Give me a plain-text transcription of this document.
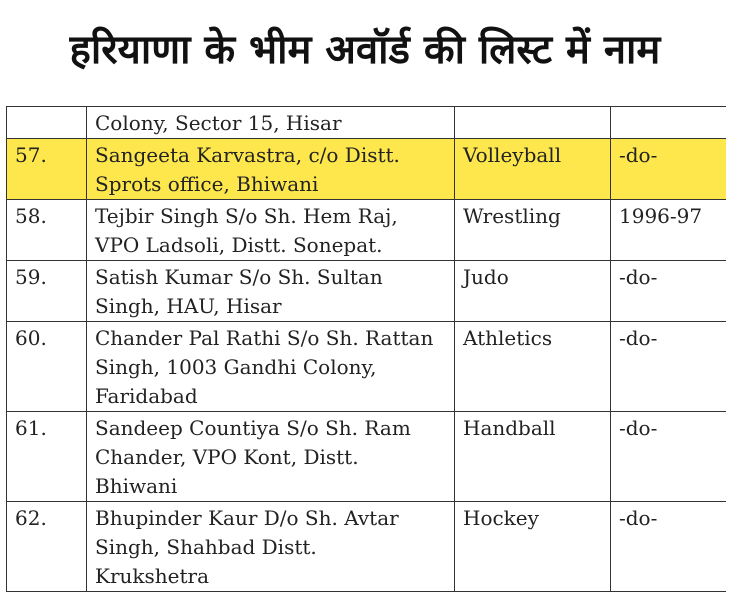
हरियाणा के भीम अवॉर्ड की लिस्ट में नाम

	Colony, Sector 15, Hisar		

57.	Sangeeta Karvastra, c/o Distt.
Sprots office, Bhiwani	Volleyball	-do-
58.	Tejbir Singh S/o Sh. Hem Raj,
VPO Ladsoli, Distt. Sonepat.	Wrestling	1996-97
59.	Satish Kumar S/o Sh. Sultan
Singh, HAU, Hisar	Judo	-do-
60.	Chander Pal Rathi S/o Sh. Rattan
Singh, 1003 Gandhi Colony,
Faridabad	Athletics	-do-
61.	Sandeep Countiya S/o Sh. Ram
Chander, VPO Kont, Distt.
Bhiwani	Handball	-do-
62.	Bhupinder Kaur D/o Sh. Avtar
Singh, Shahbad Distt.
Krukshetra	Hockey	-do-
